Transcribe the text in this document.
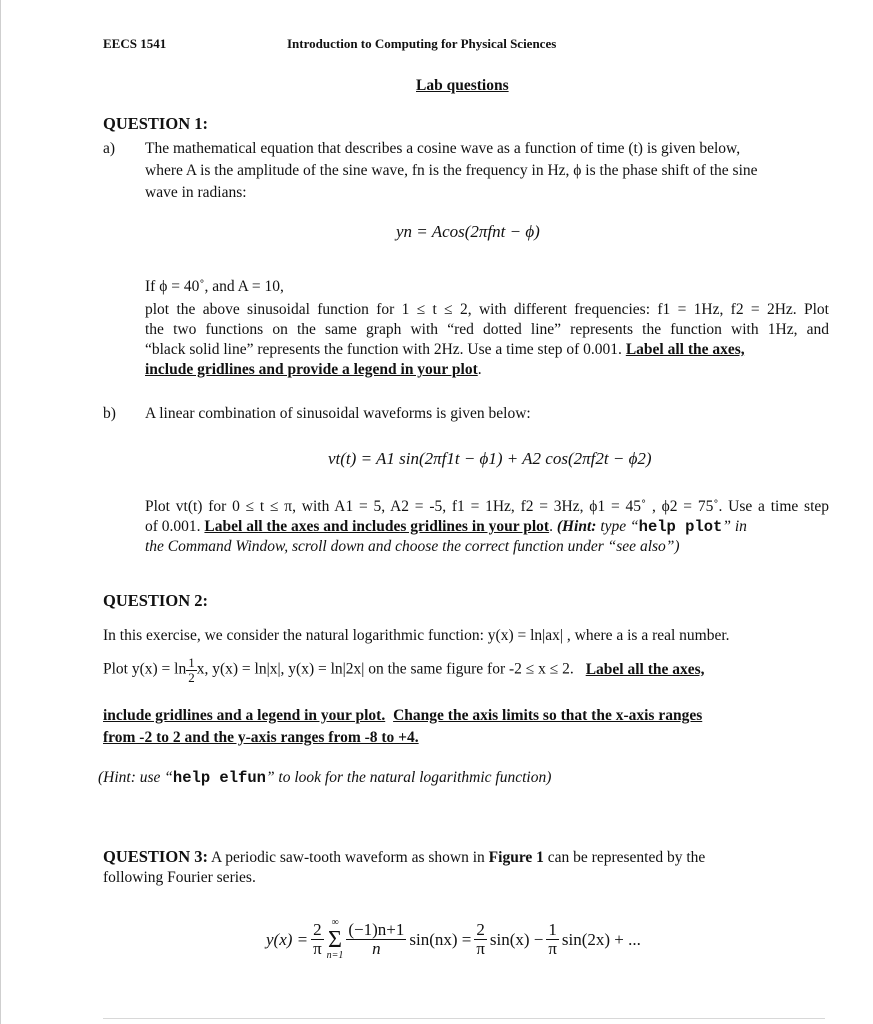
EECS 1541	Introduction to Computing for Physical Sciences
Lab questions
QUESTION 1:
a) The mathematical equation that describes a cosine wave as a function of time (t) is given below,
where A is the amplitude of the sine wave, fn is the frequency in Hz, ϕ is the phase shift of the sine
wave in radians:
yn = Acos(2πfnt − ϕ)
If ϕ = 40˚, and A = 10,
plot the above sinusoidal function for 1 ≤ t ≤ 2, with different frequencies: f1 = 1Hz, f2 = 2Hz. Plot
the two functions on the same graph with “red dotted line” represents the function with 1Hz, and
“black solid line” represents the function with 2Hz. Use a time step of 0.001. Label all the axes,
include gridlines and provide a legend in your plot.
b) A linear combination of sinusoidal waveforms is given below:
vt(t) = A1 sin(2πf1t − ϕ1) + A2 cos(2πf2t − ϕ2)
Plot vt(t) for 0 ≤ t ≤ π, with A1 = 5, A2 = -5, f1 = 1Hz, f2 = 3Hz, ϕ1 = 45˚ , ϕ2 = 75˚. Use a time step
of 0.001. Label all the axes and includes gridlines in your plot. (Hint: type “help plot” in
the Command Window, scroll down and choose the correct function under “see also”)
QUESTION 2:
In this exercise, we consider the natural logarithmic function: y(x) = ln|ax| , where a is a real number.
Plot $y(x) = \ln \frac{1}{2} x$, y(x) = ln|x|, y(x) = ln|2x| on the same figure for -2 ≤ x ≤ 2. Label all the axes,
include gridlines and a legend in your plot. Change the axis limits so that the x-axis ranges
from -2 to 2 and the y-axis ranges from -8 to +4.
(Hint: use “help elfun” to look for the natural logarithmic function)
QUESTION 3: A periodic saw-tooth waveform as shown in Figure 1 can be represented by the
following Fourier series.
$y(x) = \frac{2}{\pi}$ ∞
Σ
$n=1 \frac{(-1)n+1}{n} \sin(nx) = \frac{2}{\pi} \sin(x) - \frac{1}{\pi} \sin(2x)$ + ...
